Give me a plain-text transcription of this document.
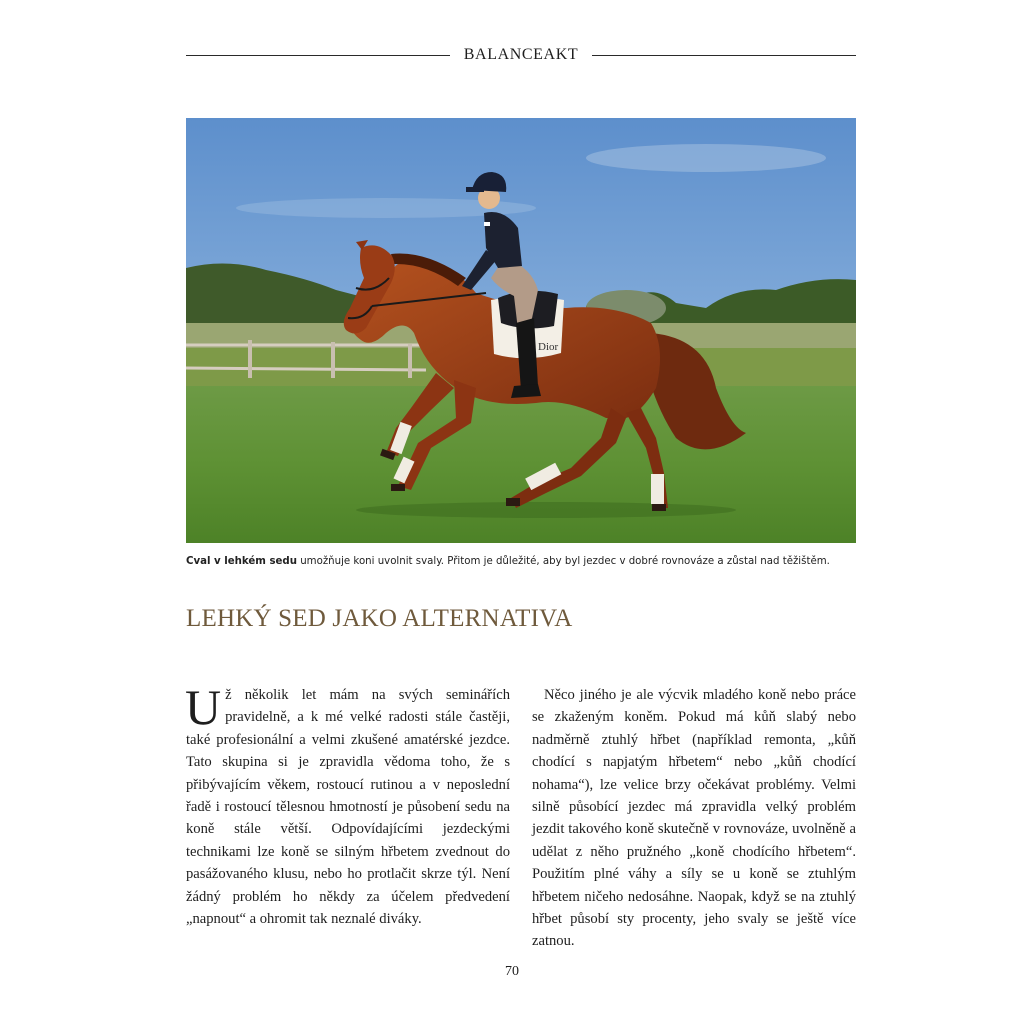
BALANCEAKT
Dior
Cval v lehkém sedu umožňuje koni uvolnit svaly. Přitom je důležité, aby byl jezdec v dobré rovnováze a zůstal nad těžištěm.
LEHKÝ SED JAKO ALTERNATIVA

Už několik let mám na svých seminářích pravidelně, a k mé velké radosti stále častěji, také profesionální a velmi zkušené amatérské jezdce. Tato skupina si je zpravidla vědoma toho, že s přibývajícím věkem, rostoucí rutinou a v neposlední řadě i rostoucí tělesnou hmotností je působení sedu na koně stále větší. Odpovídajícími jezdeckými technikami lze koně se silným hřbetem zvednout do pasážovaného klusu, nebo ho protlačit skrze týl. Není žádný problém ho někdy za účelem předvedení „napnout“ a ohromit tak neznalé diváky.

Něco jiného je ale výcvik mladého koně nebo práce se zkaženým koněm. Pokud má kůň slabý nebo nadměrně ztuhlý hřbet (například remonta, „kůň chodící s napjatým hřbetem“ nebo „kůň chodící nohama“), lze velice brzy očekávat problémy. Velmi silně působící jezdec má zpravidla velký problém jezdit takového koně skutečně v rovnováze, uvolněně a udělat z něho pružného „koně chodícího hřbetem“. Použitím plné váhy a síly se u koně se ztuhlým hřbetem ničeho nedosáhne. Naopak, když se na ztuhlý hřbet působí sty procenty, jeho svaly se ještě více zatnou.

70
